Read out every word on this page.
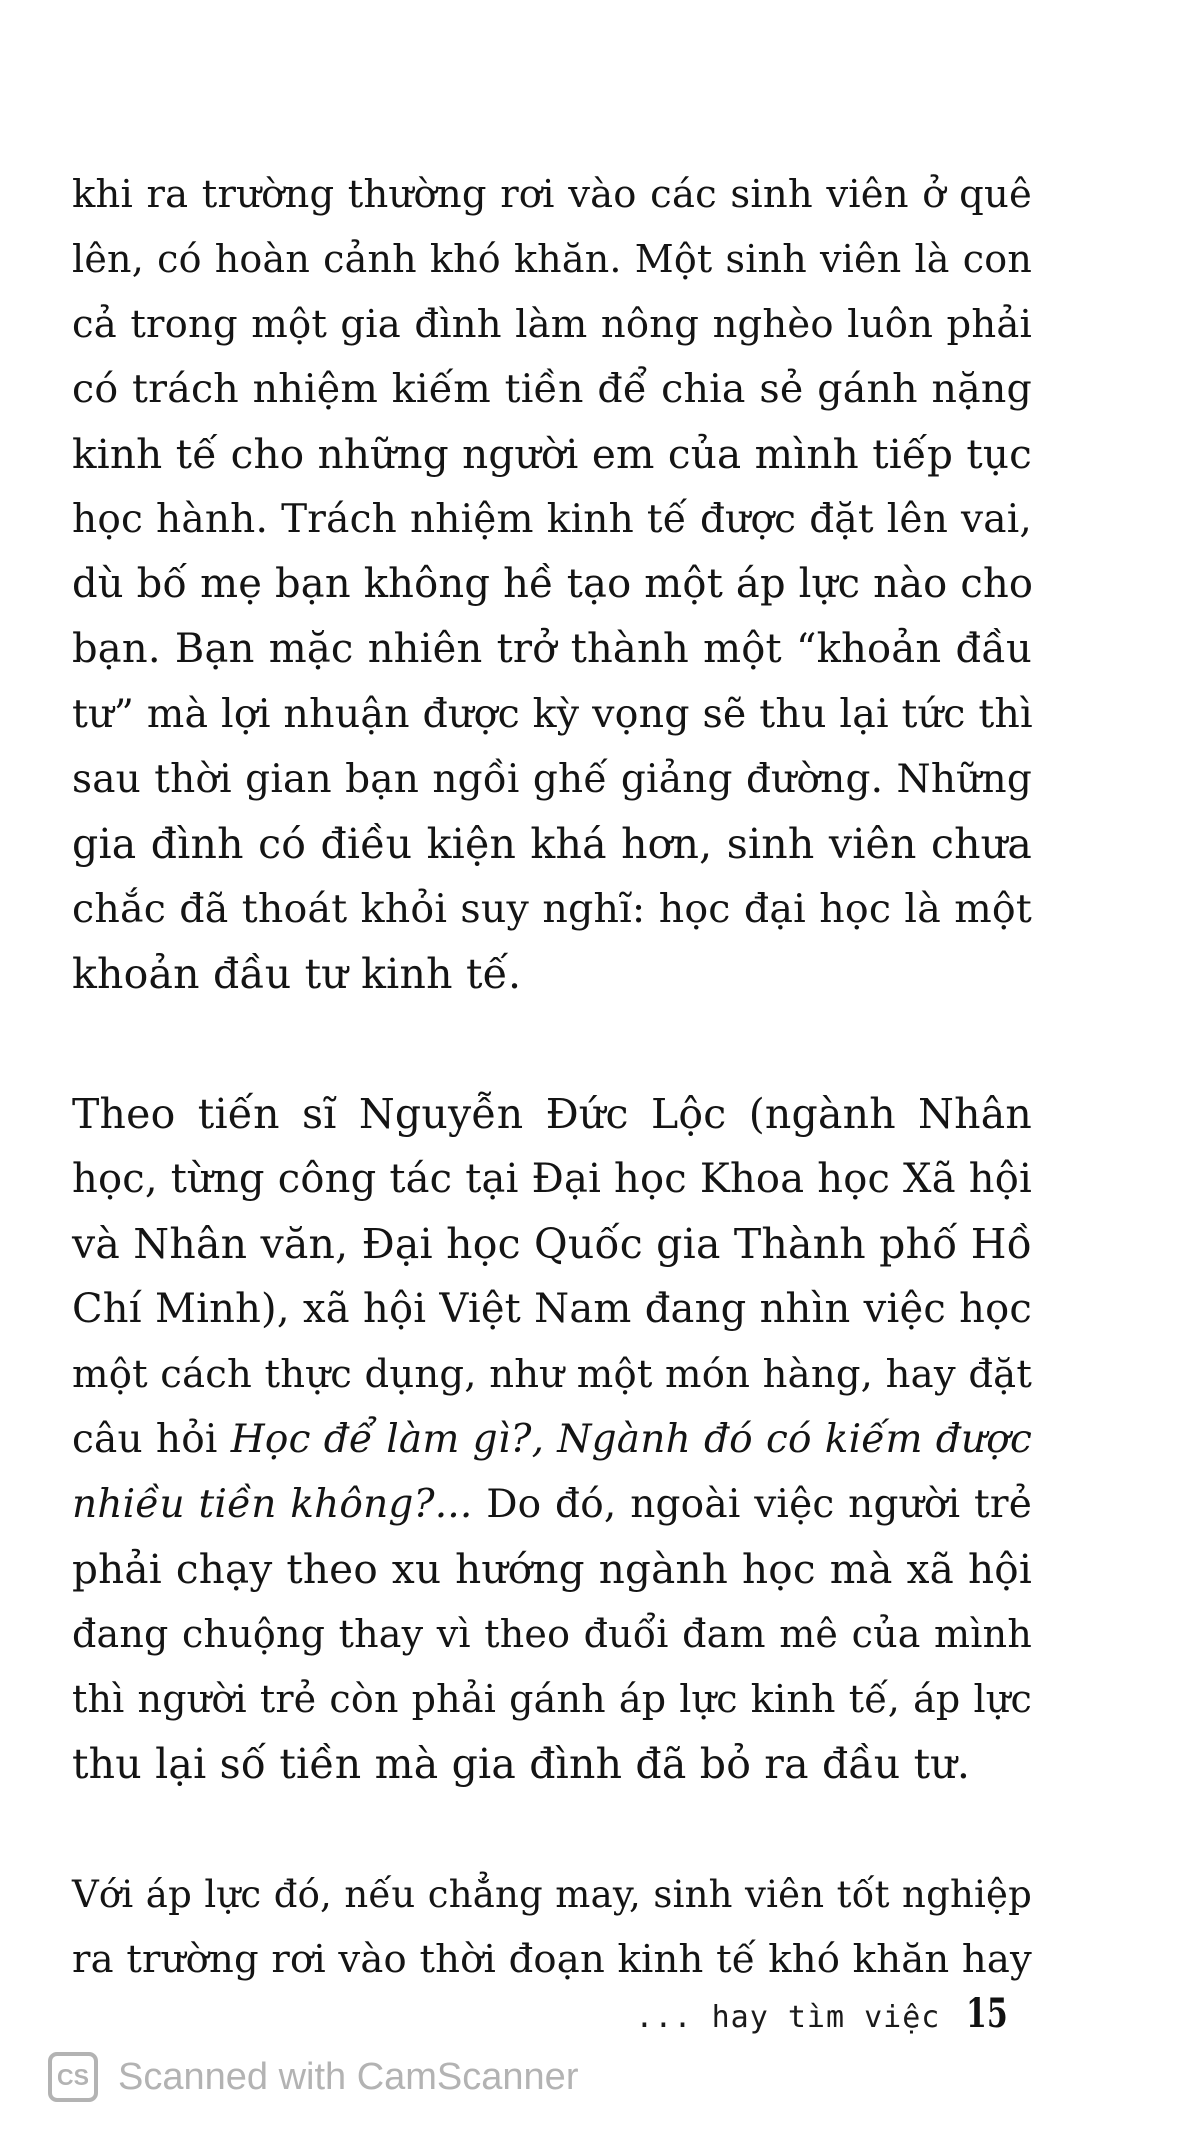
khi ra trường thường rơi vào các sinh viên ở quê
lên, có hoàn cảnh khó khăn. Một sinh viên là con
cả trong một gia đình làm nông nghèo luôn phải
có trách nhiệm kiếm tiền để chia sẻ gánh nặng
kinh tế cho những người em của mình tiếp tục
học hành. Trách nhiệm kinh tế được đặt lên vai,
dù bố mẹ bạn không hề tạo một áp lực nào cho
bạn. Bạn mặc nhiên trở thành một “khoản đầu
tư” mà lợi nhuận được kỳ vọng sẽ thu lại tức thì
sau thời gian bạn ngồi ghế giảng đường. Những
gia đình có điều kiện khá hơn, sinh viên chưa
chắc đã thoát khỏi suy nghĩ: học đại học là một
khoản đầu tư kinh tế.
Theo tiến sĩ Nguyễn Đức Lộc (ngành Nhân
học, từng công tác tại Đại học Khoa học Xã hội
và Nhân văn, Đại học Quốc gia Thành phố Hồ
Chí Minh), xã hội Việt Nam đang nhìn việc học
một cách thực dụng, như một món hàng, hay đặt
câu hỏi Học để làm gì?, Ngành đó có kiếm được
nhiều tiền không?... Do đó, ngoài việc người trẻ
phải chạy theo xu hướng ngành học mà xã hội
đang chuộng thay vì theo đuổi đam mê của mình
thì người trẻ còn phải gánh áp lực kinh tế, áp lực
thu lại số tiền mà gia đình đã bỏ ra đầu tư.
Với áp lực đó, nếu chẳng may, sinh viên tốt nghiệp
ra trường rơi vào thời đoạn kinh tế khó khăn hay
... hay tìm việc 15
CS Scanned with CamScanner
